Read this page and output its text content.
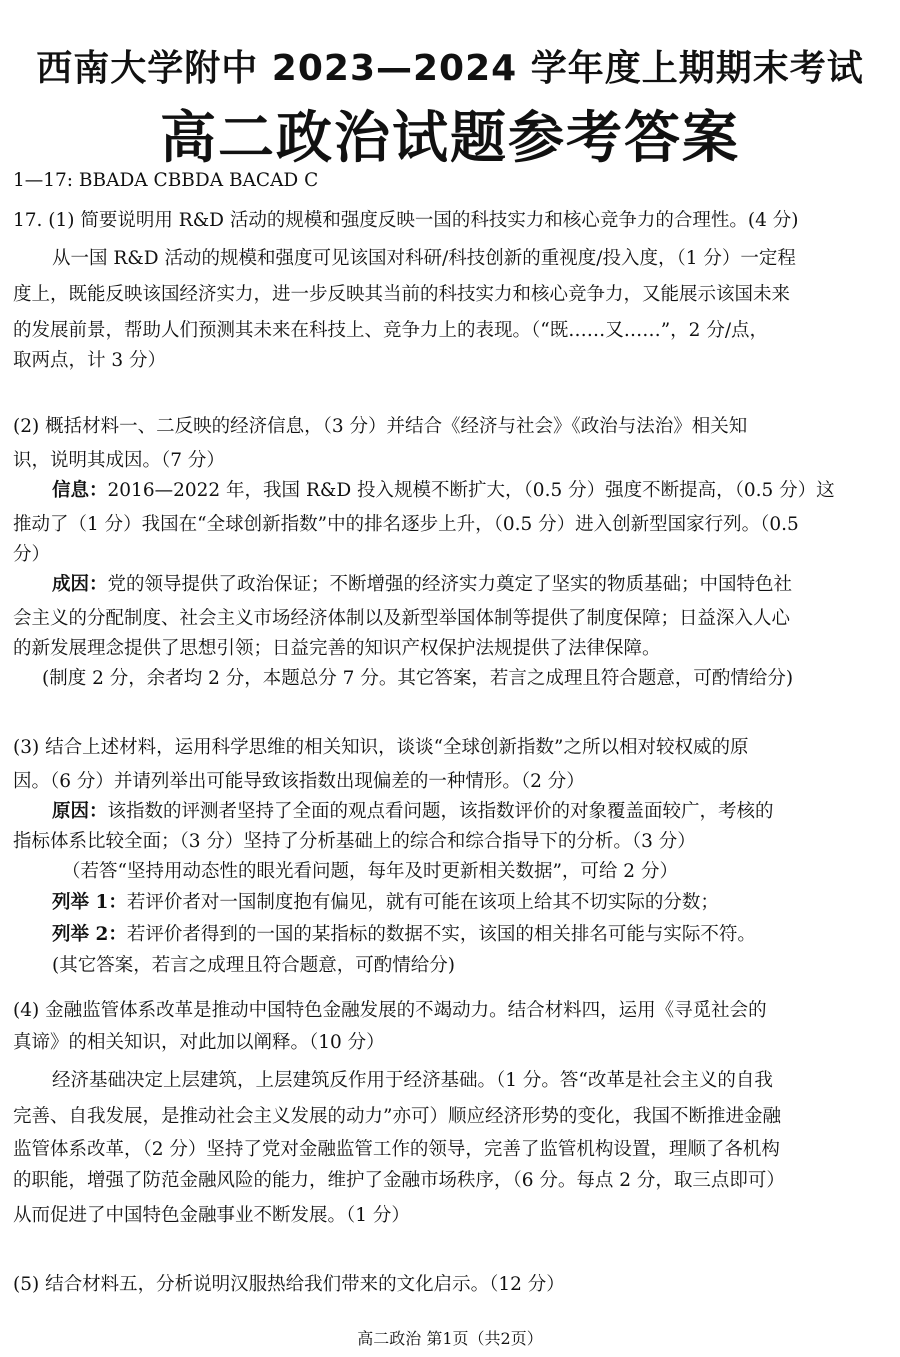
西南大学附中 2023—2024 学年度上期期末考试
高二政治试题参考答案
1—17: BBADA CBBDA BACAD C
17. (1) 简要说明用 R&D 活动的规模和强度反映一国的科技实力和核心竞争力的合理性。(4 分)
从一国 R&D 活动的规模和强度可见该国对科研/科技创新的重视度/投入度，（1 分）一定程
度上，既能反映该国经济实力，进一步反映其当前的科技实力和核心竞争力，又能展示该国未来
的发展前景，帮助人们预测其未来在科技上、竞争力上的表现。（“既……又……”，2 分/点，
取两点，计 3 分）
(2) 概括材料一、二反映的经济信息，（3 分）并结合《经济与社会》《政治与法治》相关知
识，说明其成因。（7 分）
信息：2016—2022 年，我国 R&D 投入规模不断扩大，（0.5 分）强度不断提高，（0.5 分）这
推动了（1 分）我国在“全球创新指数”中的排名逐步上升，（0.5 分）进入创新型国家行列。（0.5
分）
成因：党的领导提供了政治保证；不断增强的经济实力奠定了坚实的物质基础；中国特色社
会主义的分配制度、社会主义市场经济体制以及新型举国体制等提供了制度保障；日益深入人心
的新发展理念提供了思想引领；日益完善的知识产权保护法规提供了法律保障。
(制度 2 分，余者均 2 分，本题总分 7 分。其它答案，若言之成理且符合题意，可酌情给分)
(3) 结合上述材料，运用科学思维的相关知识，谈谈“全球创新指数”之所以相对较权威的原
因。（6 分）并请列举出可能导致该指数出现偏差的一种情形。（2 分）
原因：该指数的评测者坚持了全面的观点看问题，该指数评价的对象覆盖面较广，考核的
指标体系比较全面；（3 分）坚持了分析基础上的综合和综合指导下的分析。（3 分）
（若答“坚持用动态性的眼光看问题，每年及时更新相关数据”，可给 2 分）
列举 1：若评价者对一国制度抱有偏见，就有可能在该项上给其不切实际的分数；
列举 2：若评价者得到的一国的某指标的数据不实，该国的相关排名可能与实际不符。
(其它答案，若言之成理且符合题意，可酌情给分)
(4) 金融监管体系改革是推动中国特色金融发展的不竭动力。结合材料四，运用《寻觅社会的
真谛》的相关知识，对此加以阐释。（10 分）
经济基础决定上层建筑，上层建筑反作用于经济基础。（1 分。答“改革是社会主义的自我
完善、自我发展，是推动社会主义发展的动力”亦可）顺应经济形势的变化，我国不断推进金融
监管体系改革，（2 分）坚持了党对金融监管工作的领导，完善了监管机构设置，理顺了各机构
的职能，增强了防范金融风险的能力，维护了金融市场秩序，（6 分。每点 2 分，取三点即可）
从而促进了中国特色金融事业不断发展。（1 分）
(5) 结合材料五，分析说明汉服热给我们带来的文化启示。（12 分）
高二政治 第1页（共2页）
